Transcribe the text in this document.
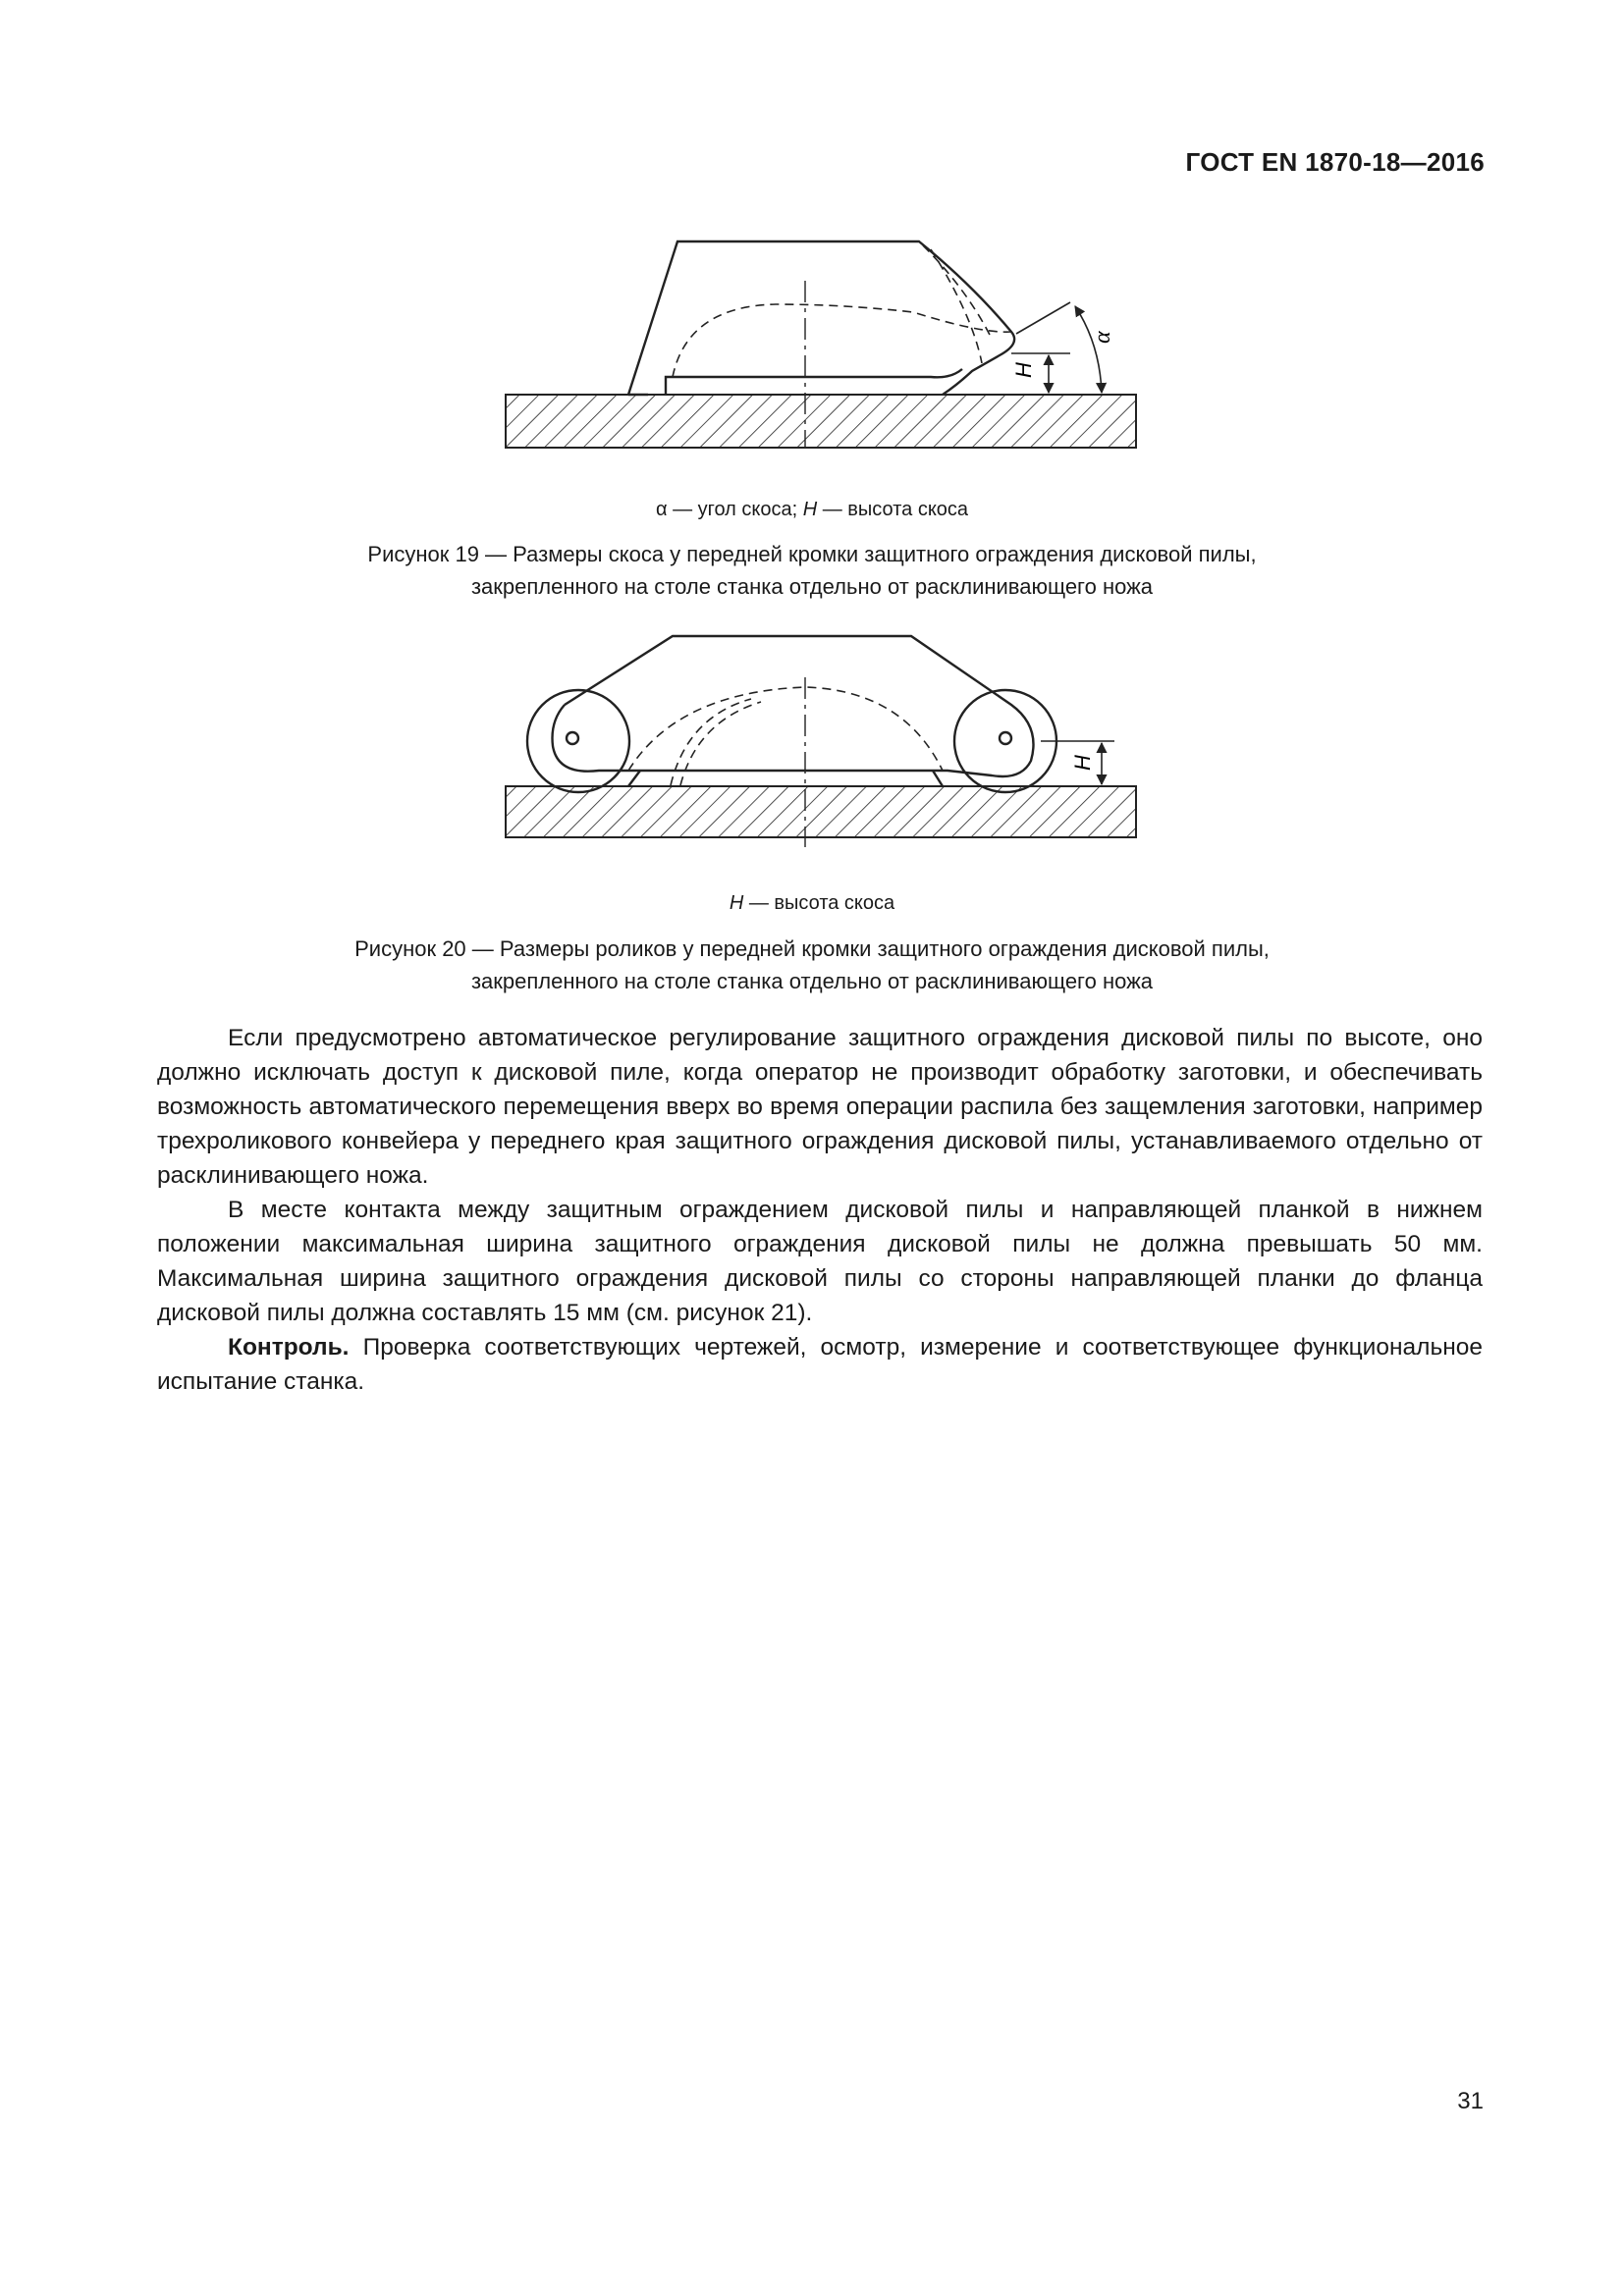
ГОСТ EN 1870-18—2016
H
α
α — угол скоса; H — высота скоса
Рисунок 19 — Размеры скоса у передней кромки защитного ограждения дисковой пилы,
закрепленного на столе станка отдельно от расклинивающего ножа
H
H — высота скоса
Рисунок 20 — Размеры роликов у передней кромки защитного ограждения дисковой пилы,
закрепленного на столе станка отдельно от расклинивающего ножа

Если предусмотрено автоматическое регулирование защитного ограждения дисковой пилы по высоте, оно должно исключать доступ к дисковой пиле, когда оператор не производит обработку заготовки, и обеспечивать возможность автоматического перемещения вверх во время операции распила без защемления заготовки, например трехроликового конвейера у переднего края защитного ограждения дисковой пилы, устанавливаемого отдельно от расклинивающего ножа.

В месте контакта между защитным ограждением дисковой пилы и направляющей планкой в нижнем положении максимальная ширина защитного ограждения дисковой пилы не должна превышать 50 мм. Максимальная ширина защитного ограждения дисковой пилы со стороны направляющей планки до фланца дисковой пилы должна составлять 15 мм (см. рисунок 21).

Контроль. Проверка соответствующих чертежей, осмотр, измерение и соответствующее функциональное испытание станка.

31
